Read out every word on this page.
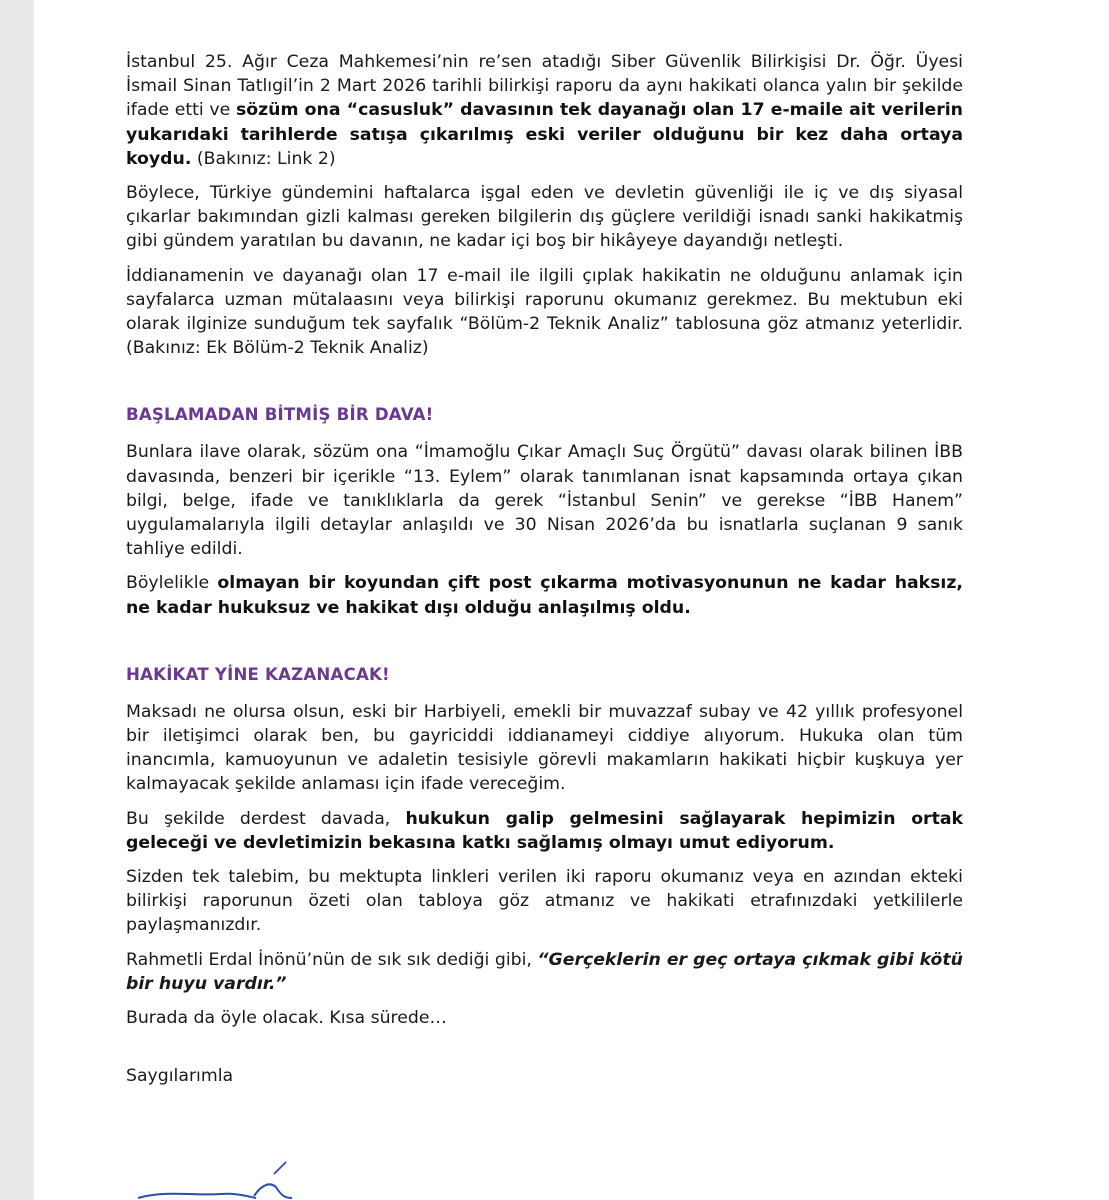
İstanbul 25. Ağır Ceza Mahkemesi’nin re’sen atadığı Siber Güvenlik Bilirkişisi Dr. Öğr. Üyesi İsmail Sinan Tatlıgil’in 2 Mart 2026 tarihli bilirkişi raporu da aynı hakikati olanca yalın bir şekilde ifade etti ve sözüm ona “casusluk” davasının tek dayanağı olan 17 e-maile ait verilerin yukarıdaki tarihlerde satışa çıkarılmış eski veriler olduğunu bir kez daha ortaya koydu. (Bakınız: Link 2)

Böylece, Türkiye gündemini haftalarca işgal eden ve devletin güvenliği ile iç ve dış siyasal çıkarlar bakımından gizli kalması gereken bilgilerin dış güçlere verildiği isnadı sanki hakikatmiş gibi gündem yaratılan bu davanın, ne kadar içi boş bir hikâyeye dayandığı netleşti.

İddianamenin ve dayanağı olan 17 e-mail ile ilgili çıplak hakikatin ne olduğunu anlamak için sayfalarca uzman mütalaasını veya bilirkişi raporunu okumanız gerekmez. Bu mektubun eki olarak ilginize sunduğum tek sayfalık “Bölüm-2 Teknik Analiz” tablosuna göz atmanız yeterlidir. (Bakınız: Ek Bölüm-2 Teknik Analiz)

BAŞLAMADAN BİTMİŞ BİR DAVA!

Bunlara ilave olarak, sözüm ona “İmamoğlu Çıkar Amaçlı Suç Örgütü” davası olarak bilinen İBB davasında, benzeri bir içerikle “13. Eylem” olarak tanımlanan isnat kapsamında ortaya çıkan bilgi, belge, ifade ve tanıklıklarla da gerek “İstanbul Senin” ve gerekse “İBB Hanem” uygulamalarıyla ilgili detaylar anlaşıldı ve 30 Nisan 2026’da bu isnatlarla suçlanan 9 sanık tahliye edildi.

Böylelikle olmayan bir koyundan çift post çıkarma motivasyonunun ne kadar haksız, ne kadar hukuksuz ve hakikat dışı olduğu anlaşılmış oldu.

HAKİKAT YİNE KAZANACAK!

Maksadı ne olursa olsun, eski bir Harbiyeli, emekli bir muvazzaf subay ve 42 yıllık profesyonel bir iletişimci olarak ben, bu gayriciddi iddianameyi ciddiye alıyorum. Hukuka olan tüm inancımla, kamuoyunun ve adaletin tesisiyle görevli makamların hakikati hiçbir kuşkuya yer kalmayacak şekilde anlaması için ifade vereceğim.

Bu şekilde derdest davada, hukukun galip gelmesini sağlayarak hepimizin ortak geleceği ve devletimizin bekasına katkı sağlamış olmayı umut ediyorum.

Sizden tek talebim, bu mektupta linkleri verilen iki raporu okumanız veya en azından ekteki bilirkişi raporunun özeti olan tabloya göz atmanız ve hakikati etrafınızdaki yetkililerle paylaşmanızdır.

Rahmetli Erdal İnönü’nün de sık sık dediği gibi, “Gerçeklerin er geç ortaya çıkmak gibi kötü bir huyu vardır.”

Burada da öyle olacak. Kısa sürede…

Saygılarımla
